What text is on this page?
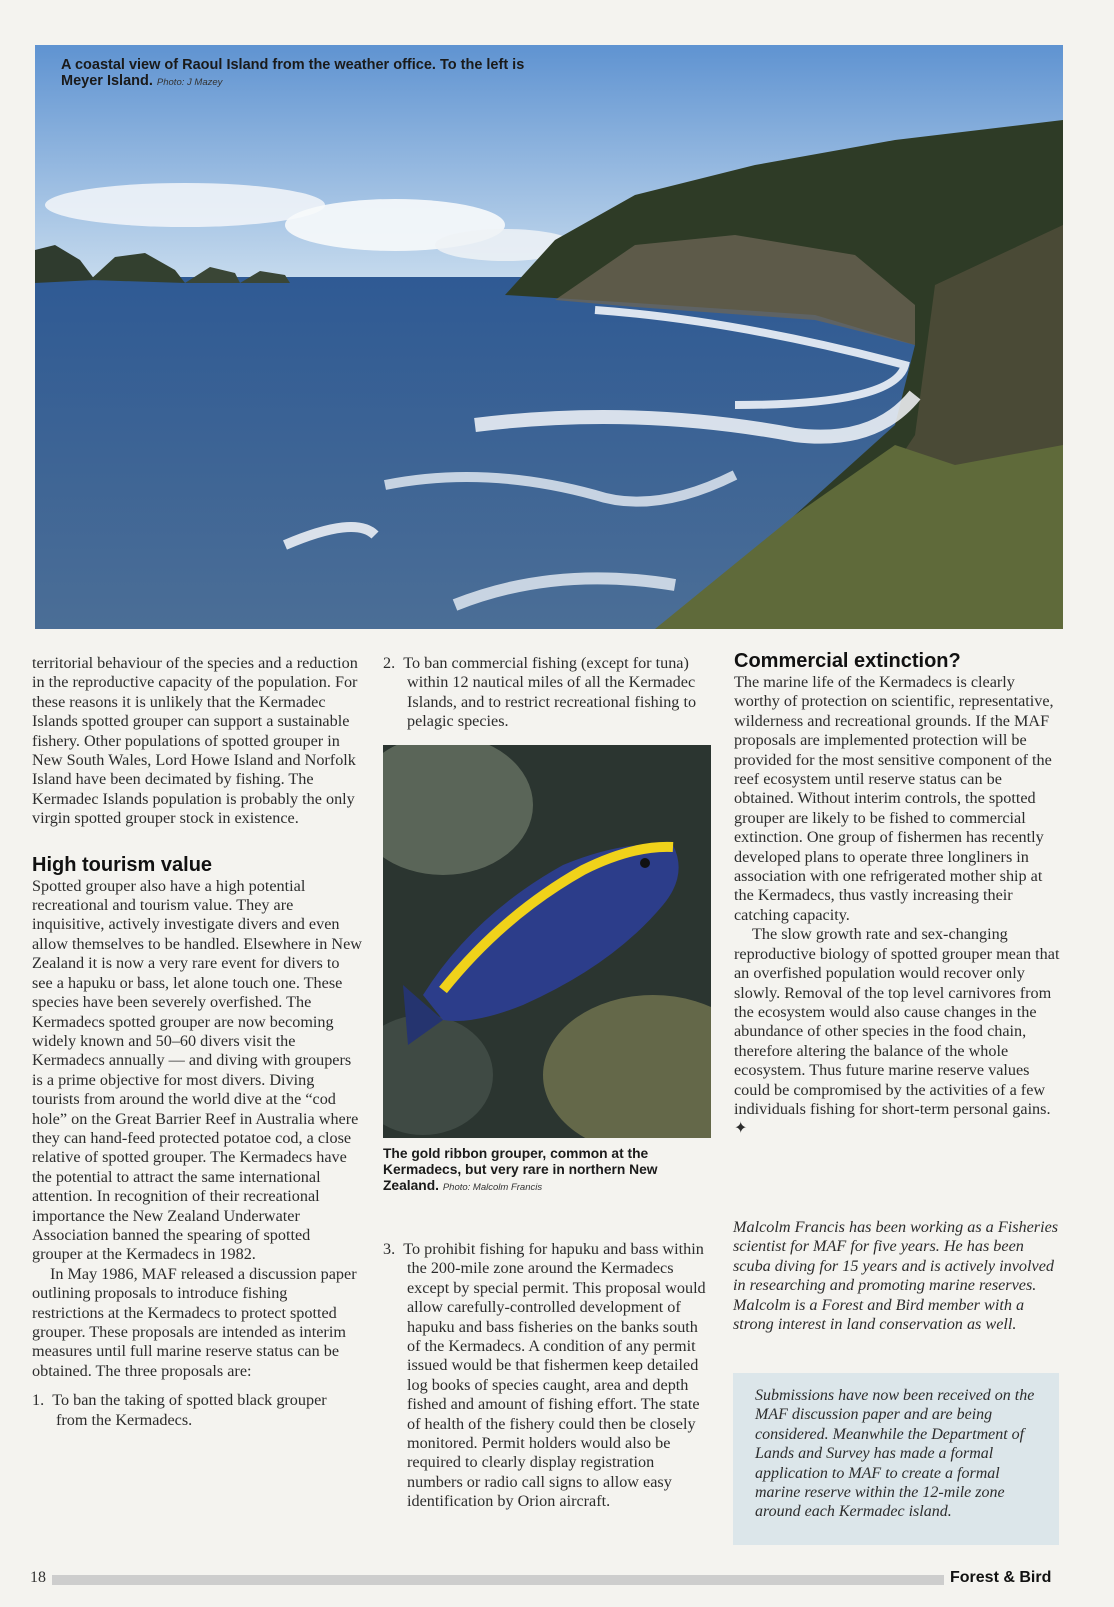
A coastal view of Raoul Island from the weather office. To the left is Meyer Island. Photo: J Mazey

territorial behaviour of the species and a reduction in the reproductive capacity of the population. For these reasons it is unlikely that the Kermadec Islands spotted grouper can support a sustainable fishery. Other populations of spotted grouper in New South Wales, Lord Howe Island and Norfolk Island have been decimated by fishing. The Kermadec Islands population is probably the only virgin spotted grouper stock in existence.

High tourism value

Spotted grouper also have a high potential recreational and tourism value. They are inquisitive, actively investigate divers and even allow themselves to be handled. Elsewhere in New Zealand it is now a very rare event for divers to see a hapuku or bass, let alone touch one. These species have been severely overfished. The Kermadecs spotted grouper are now becoming widely known and 50–60 divers visit the Kermadecs annually — and diving with groupers is a prime objective for most divers. Diving tourists from around the world dive at the “cod hole” on the Great Barrier Reef in Australia where they can hand-feed protected potatoe cod, a close relative of spotted grouper. The Kermadecs have the potential to attract the same international attention. In recognition of their recreational importance the New Zealand Underwater Association banned the spearing of spotted grouper at the Kermadecs in 1982.

In May 1986, MAF released a discussion paper outlining proposals to introduce fishing restrictions at the Kermadecs to protect spotted grouper. These proposals are intended as interim measures until full marine reserve status can be obtained. The three proposals are:

1.  To ban the taking of spotted black grouper from the Kermadecs.

2.  To ban commercial fishing (except for tuna) within 12 nautical miles of all the Kermadec Islands, and to restrict recreational fishing to pelagic species.

The gold ribbon grouper, common at the Kermadecs, but very rare in northern New Zealand. Photo: Malcolm Francis

3.  To prohibit fishing for hapuku and bass within the 200-mile zone around the Kermadecs except by special permit. This proposal would allow carefully-controlled development of hapuku and bass fisheries on the banks south of the Kermadecs. A condition of any permit issued would be that fishermen keep detailed log books of species caught, area and depth fished and amount of fishing effort. The state of health of the fishery could then be closely monitored. Permit holders would also be required to clearly display registration numbers or radio call signs to allow easy identification by Orion aircraft.

Commercial extinction?

The marine life of the Kermadecs is clearly worthy of protection on scientific, representative, wilderness and recreational grounds. If the MAF proposals are implemented protection will be provided for the most sensitive component of the reef ecosystem until reserve status can be obtained. Without interim controls, the spotted grouper are likely to be fished to commercial extinction. One group of fishermen has recently developed plans to operate three longliners in association with one refrigerated mother ship at the Kermadecs, thus vastly increasing their catching capacity.

The slow growth rate and sex-changing reproductive biology of spotted grouper mean that an overfished population would recover only slowly. Removal of the top level carnivores from the ecosystem would also cause changes in the abundance of other species in the food chain, therefore altering the balance of the whole ecosystem. Thus future marine reserve values could be compromised by the activities of a few individuals fishing for short-term personal gains. ✦

Malcolm Francis has been working as a Fisheries scientist for MAF for five years. He has been scuba diving for 15 years and is actively involved in researching and promoting marine reserves. Malcolm is a Forest and Bird member with a strong interest in land conservation as well.
Submissions have now been received on the MAF discussion paper and are being considered. Meanwhile the Department of Lands and Survey has made a formal application to MAF to create a formal marine reserve within the 12-mile zone around each Kermadec island.
18	Forest & Bird
